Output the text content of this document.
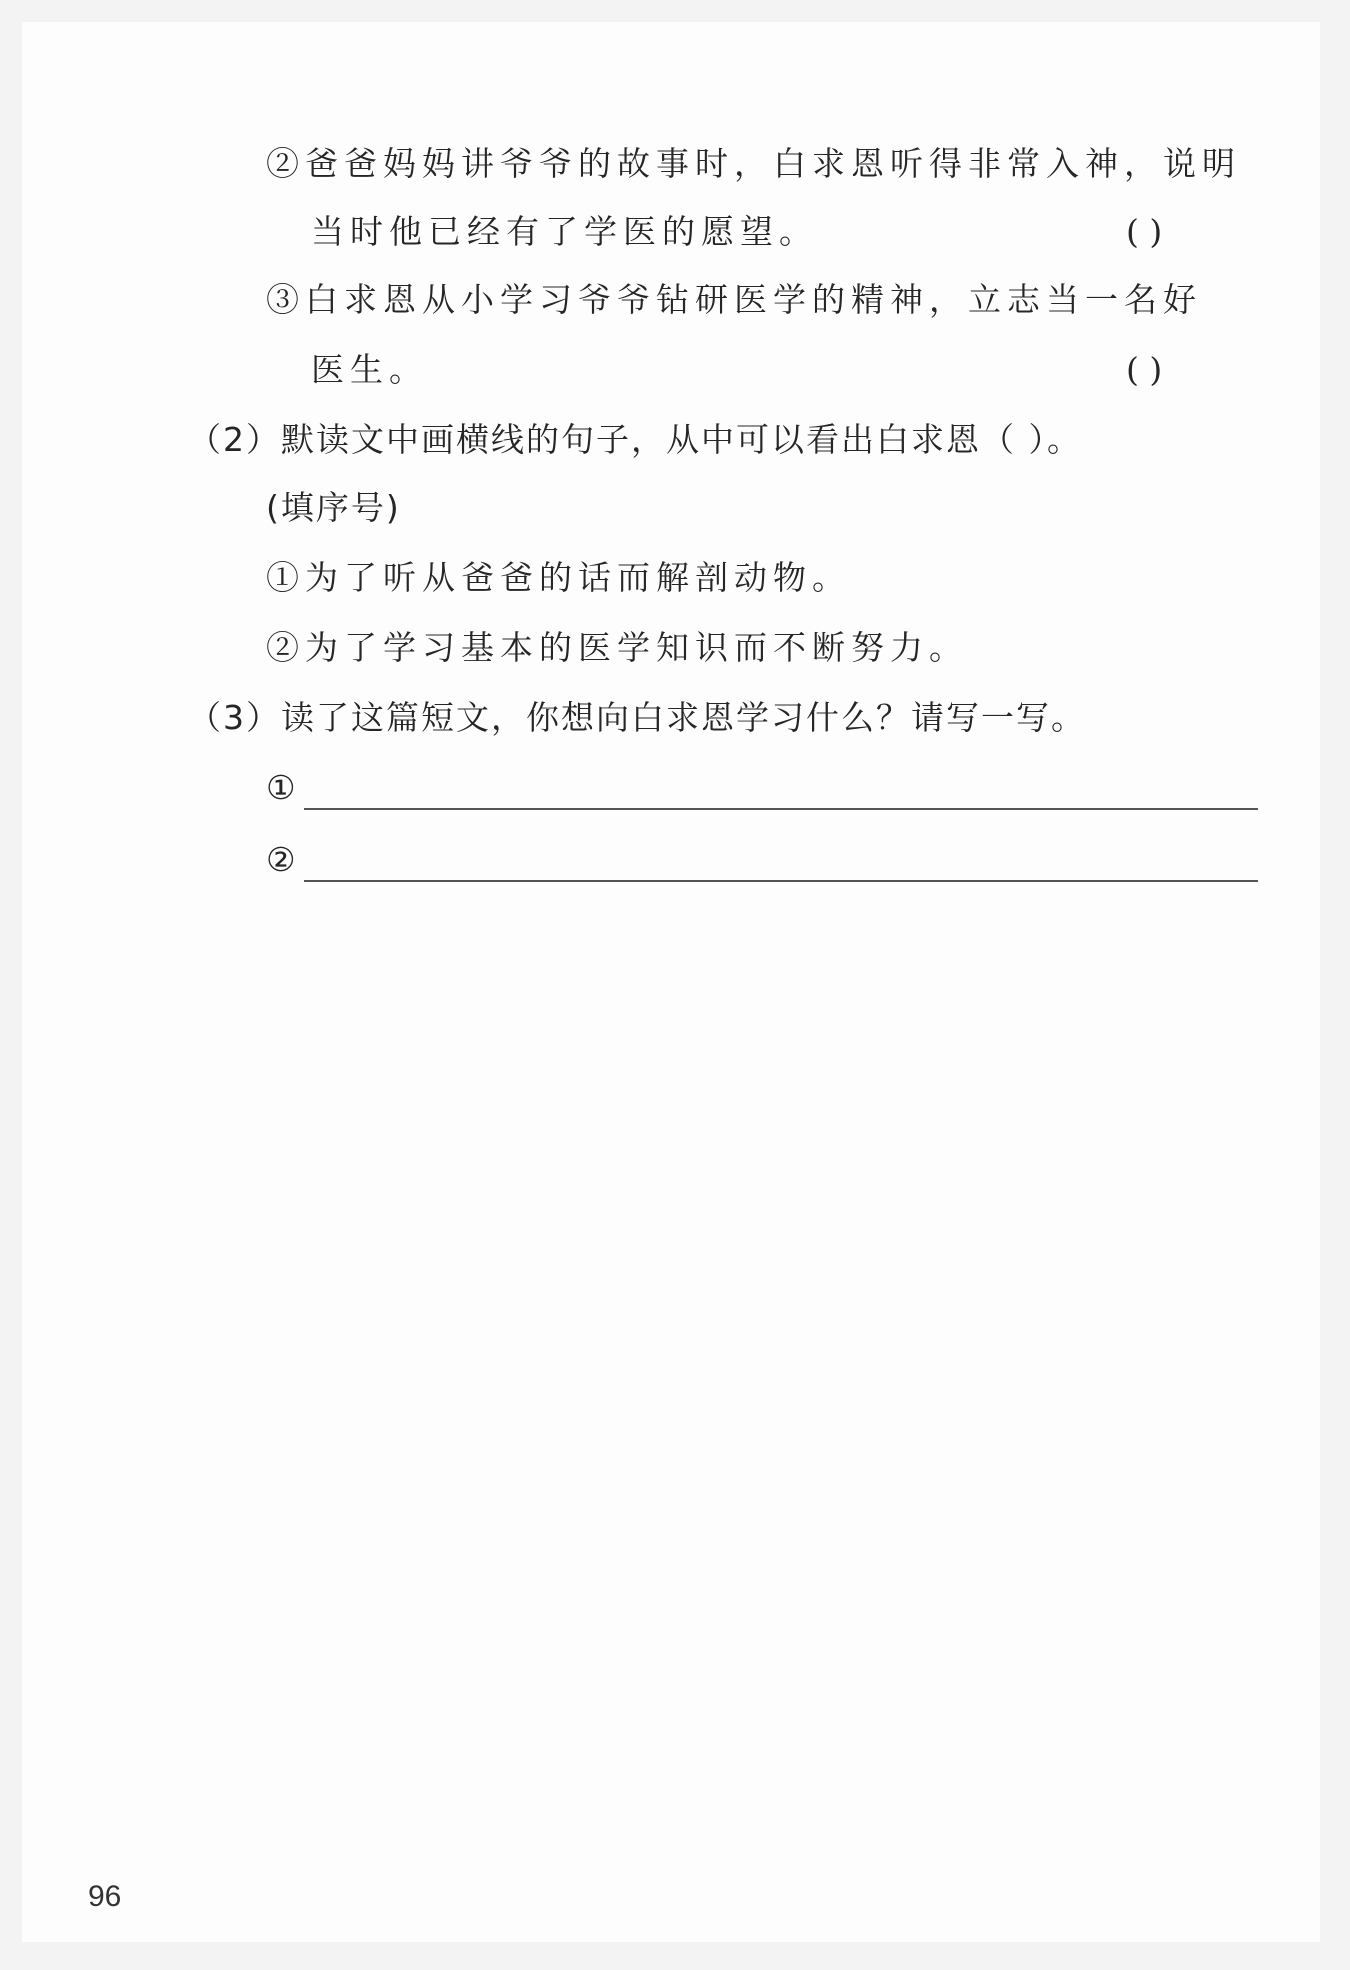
②爸爸妈妈讲爷爷的故事时，白求恩听得非常入神，说明
当时他已经有了学医的愿望。	( )
③白求恩从小学习爷爷钻研医学的精神，立志当一名好
医生。	( )
（2）默读文中画横线的句子，从中可以看出白求恩（ ）。
(填序号)
①为了听从爸爸的话而解剖动物。
②为了学习基本的医学知识而不断努力。
（3）读了这篇短文，你想向白求恩学习什么？请写一写。
①
②
96
